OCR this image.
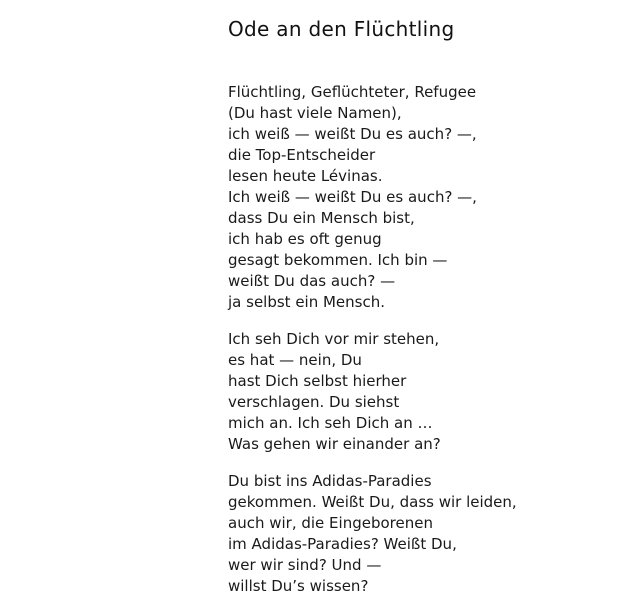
Ode an den Flüchtling

Flüchtling, Geflüchteter, Refugee
(Du hast viele Namen),
ich weiß — weißt Du es auch? —,
die Top-Entscheider
lesen heute Lévinas.
Ich weiß — weißt Du es auch? —,
dass Du ein Mensch bist,
ich hab es oft genug
gesagt bekommen. Ich bin —
weißt Du das auch? —
ja selbst ein Mensch.

Ich seh Dich vor mir stehen,
es hat — nein, Du
hast Dich selbst hierher
verschlagen. Du siehst
mich an. Ich seh Dich an …
Was gehen wir einander an?

Du bist ins Adidas-Paradies
gekommen. Weißt Du, dass wir leiden,
auch wir, die Eingeborenen
im Adidas-Paradies? Weißt Du,
wer wir sind? Und —
willst Du’s wissen?
